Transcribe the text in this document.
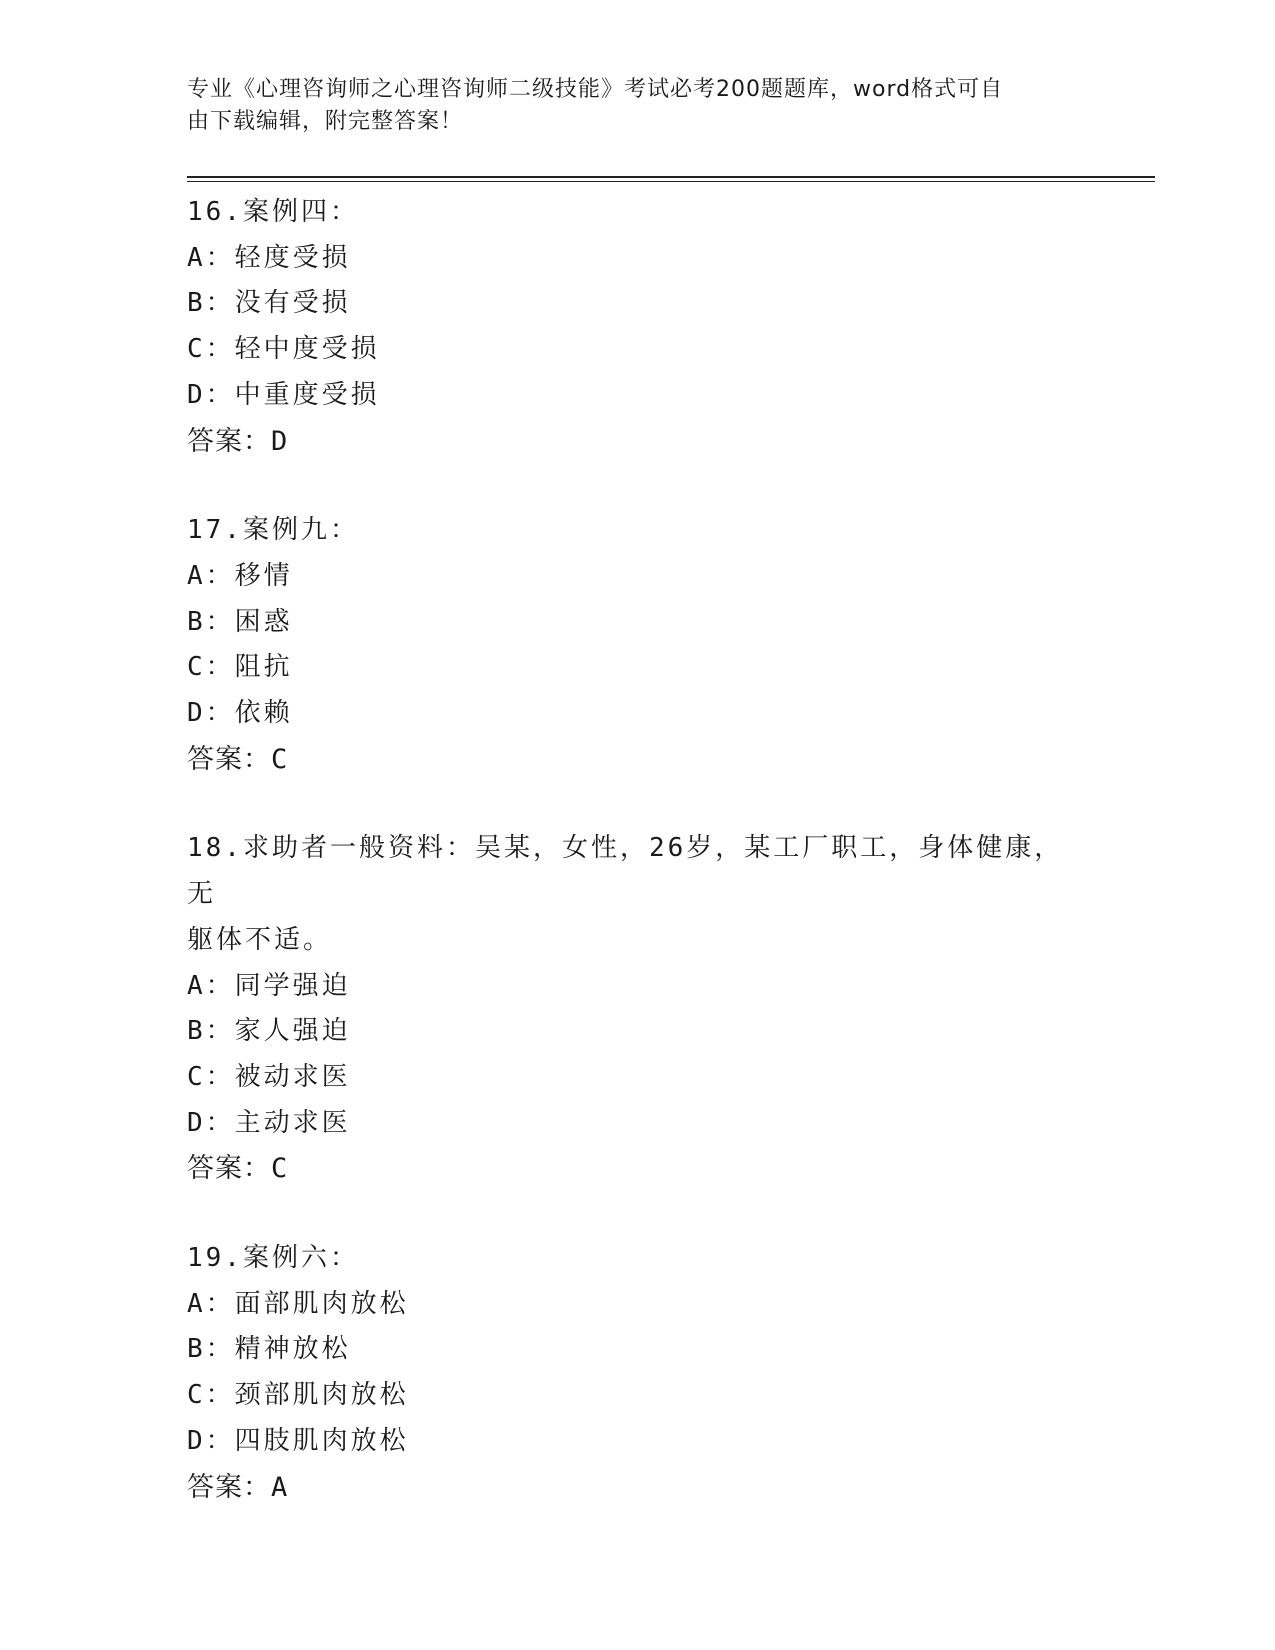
专业《心理咨询师之心理咨询师二级技能》考试必考200题题库，word格式可自
由下载编辑，附完整答案！
16.案例四：
A：轻度受损
B：没有受损
C：轻中度受损
D：中重度受损
答案：D
17.案例九：
A：移情
B：困惑
C：阻抗
D：依赖
答案：C
18.求助者一般资料：吴某，女性，26岁，某工厂职工，身体健康，无
躯体不适。
A：同学强迫
B：家人强迫
C：被动求医
D：主动求医
答案：C
19.案例六：
A：面部肌肉放松
B：精神放松
C：颈部肌肉放松
D：四肢肌肉放松
答案：A
